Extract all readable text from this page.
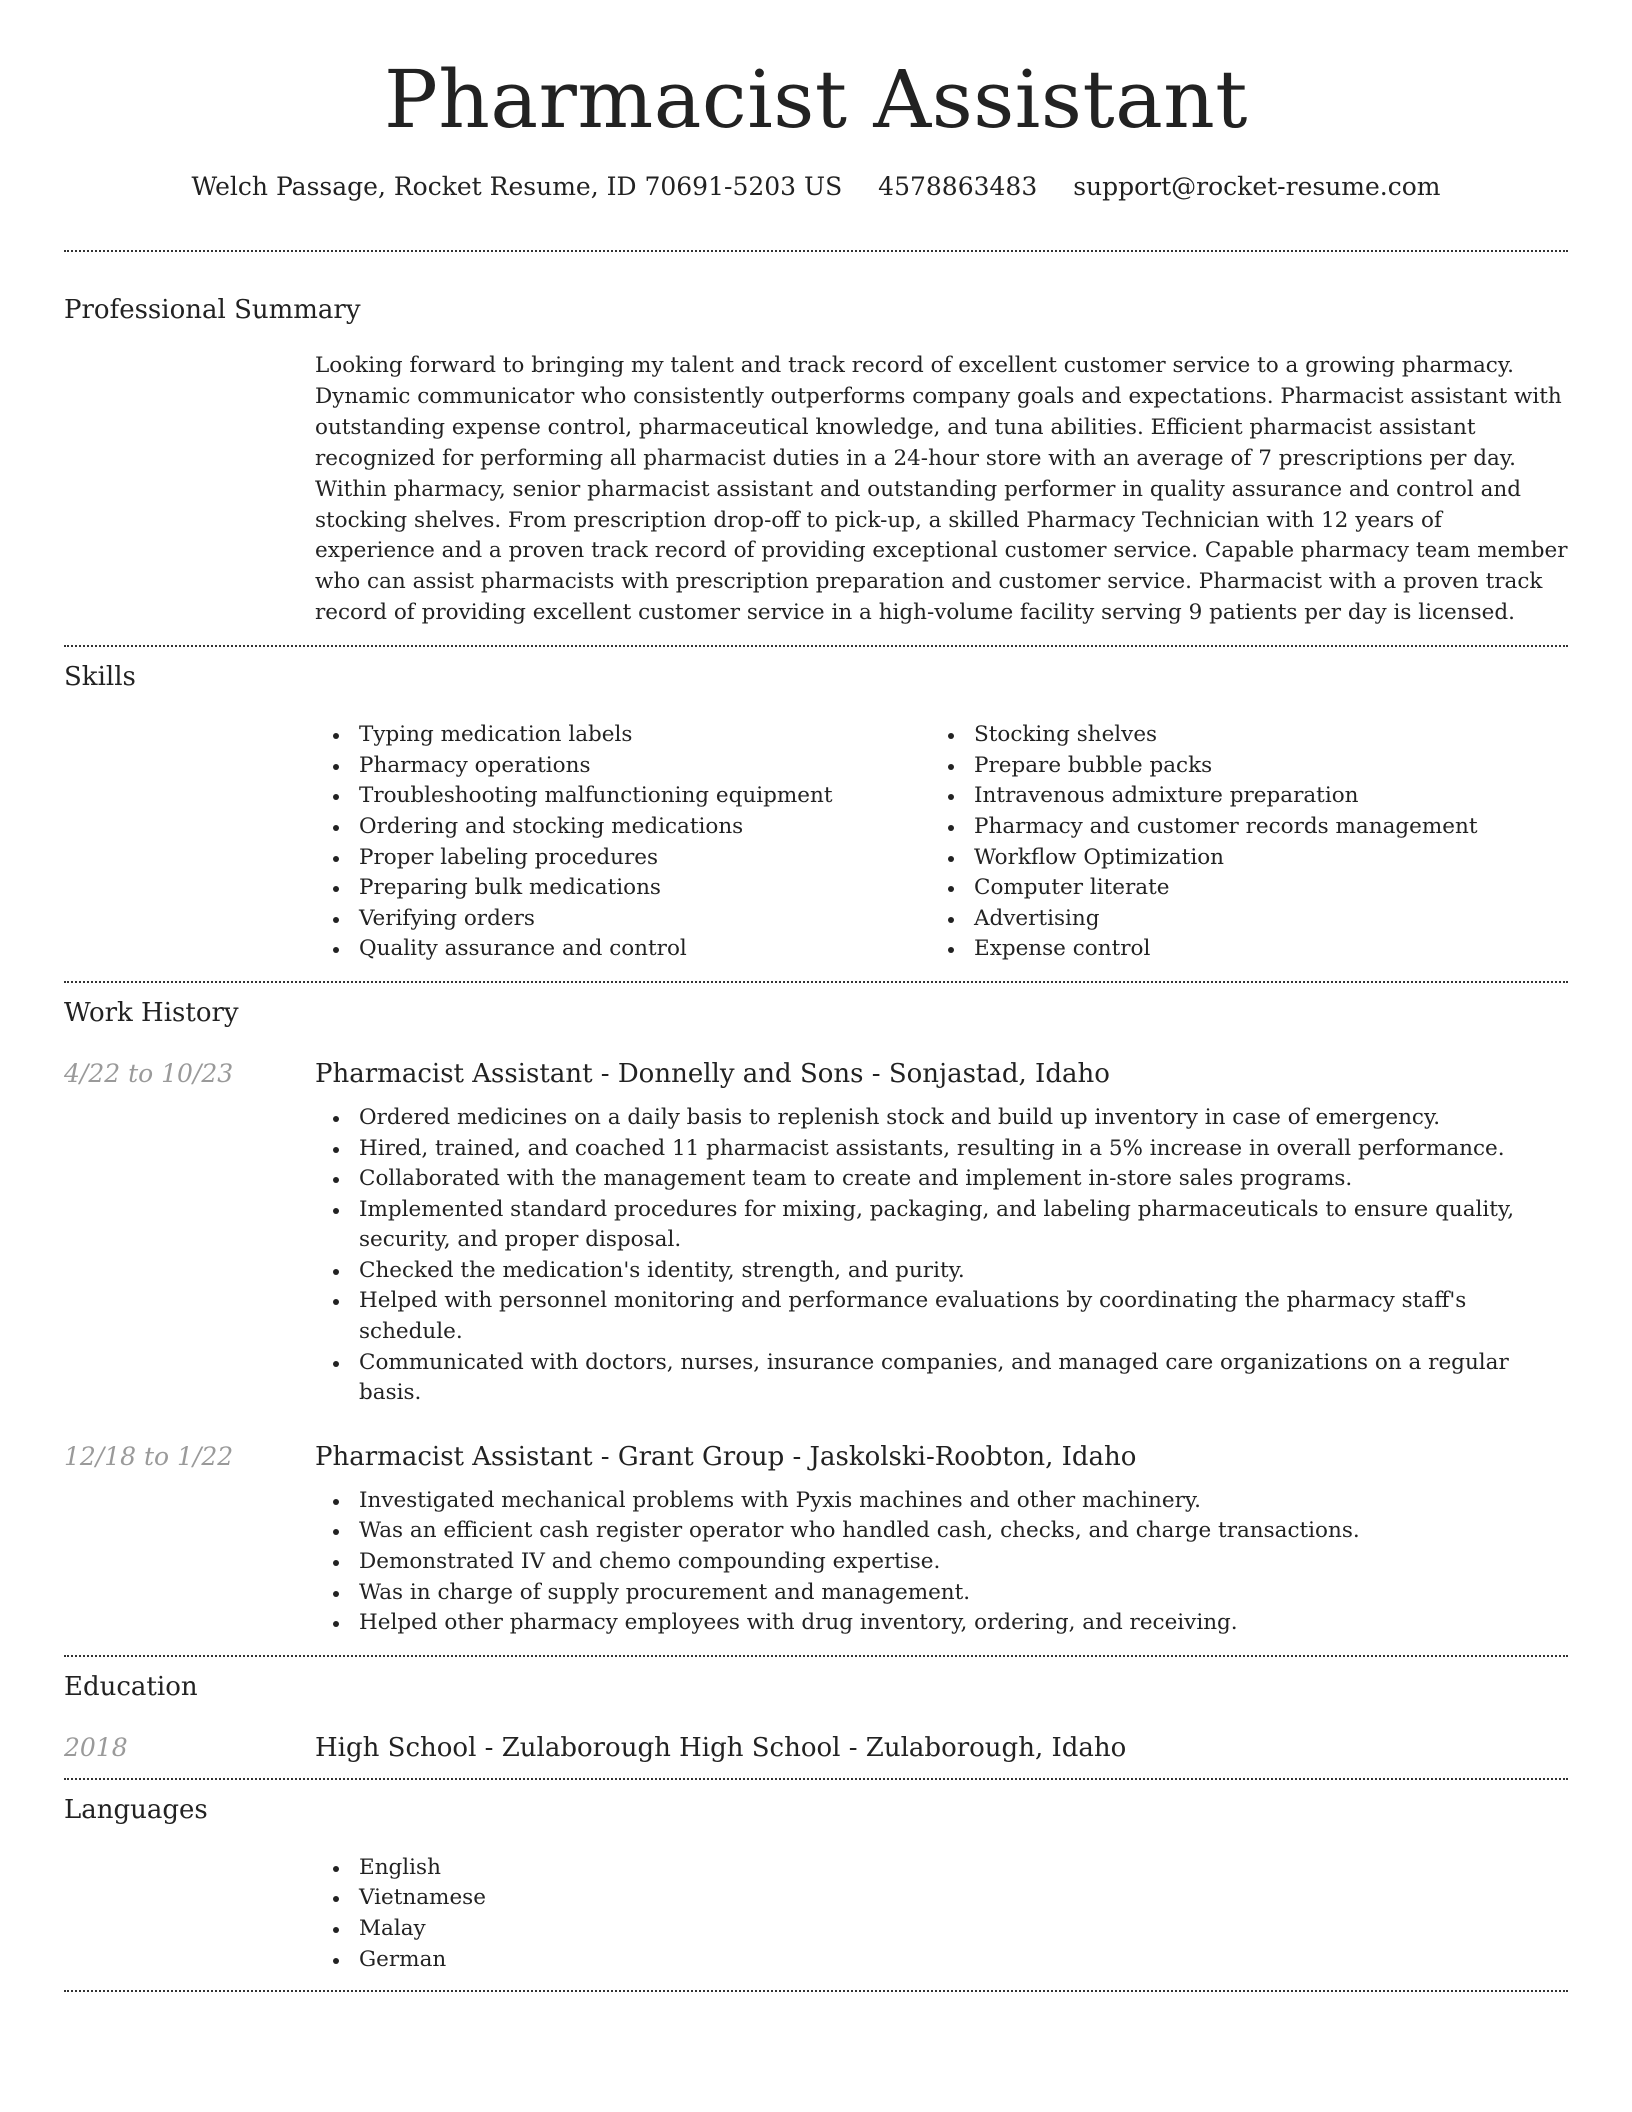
Pharmacist Assistant
Welch Passage, Rocket Resume, ID 70691-5203 US 4578863483 support@rocket-resume.com
Professional Summary

Looking forward to bringing my talent and track record of excellent customer service to a growing pharmacy. Dynamic communicator who consistently outperforms company goals and expectations. Pharmacist assistant with outstanding expense control, pharmaceutical knowledge, and tuna abilities. Efficient pharmacist assistant recognized for performing all pharmacist duties in a 24-hour store with an average of 7 prescriptions per day. Within pharmacy, senior pharmacist assistant and outstanding performer in quality assurance and control and stocking shelves. From prescription drop-off to pick-up, a skilled Pharmacy Technician with 12 years of experience and a proven track record of providing exceptional customer service. Capable pharmacy team member who can assist pharmacists with prescription preparation and customer service. Pharmacist with a proven track record of providing excellent customer service in a high-volume facility serving 9 patients per day is licensed.

Skills
Typing medication labels
Pharmacy operations
Troubleshooting malfunctioning equipment
Ordering and stocking medications
Proper labeling procedures
Preparing bulk medications
Verifying orders
Quality assurance and control
Stocking shelves
Prepare bubble packs
Intravenous admixture preparation
Pharmacy and customer records management
Workflow Optimization
Computer literate
Advertising
Expense control
Work History
4/22 to 10/23	Pharmacist Assistant - Donnelly and Sons - Sonjastad, Idaho
Ordered medicines on a daily basis to replenish stock and build up inventory in case of emergency.
Hired, trained, and coached 11 pharmacist assistants, resulting in a 5% increase in overall performance.
Collaborated with the management team to create and implement in-store sales programs.
Implemented standard procedures for mixing, packaging, and labeling pharmaceuticals to ensure quality, security, and proper disposal.
Checked the medication's identity, strength, and purity.
Helped with personnel monitoring and performance evaluations by coordinating the pharmacy staff's schedule.
Communicated with doctors, nurses, insurance companies, and managed care organizations on a regular basis.
12/18 to 1/22	Pharmacist Assistant - Grant Group - Jaskolski-Roobton, Idaho
Investigated mechanical problems with Pyxis machines and other machinery.
Was an efficient cash register operator who handled cash, checks, and charge transactions.
Demonstrated IV and chemo compounding expertise.
Was in charge of supply procurement and management.
Helped other pharmacy employees with drug inventory, ordering, and receiving.
Education
2018	High School - Zulaborough High School - Zulaborough, Idaho
Languages
English
Vietnamese
Malay
German
